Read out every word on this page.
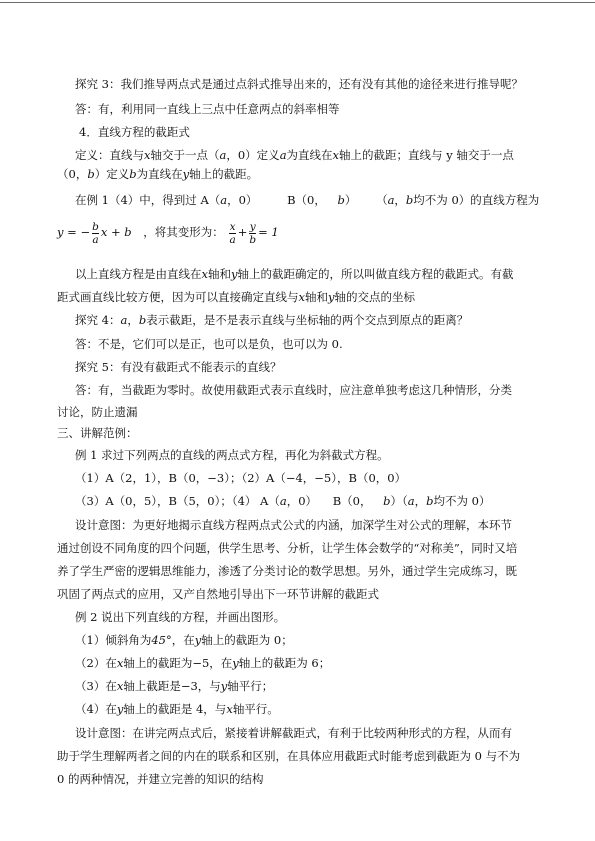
探究 3：我们推导两点式是通过点斜式推导出来的，还有没有其他的途径来进行推导呢？
答：有，利用同一直线上三点中任意两点的斜率相等
4．直线方程的截距式
定义：直线与x轴交于一点（a，0）定义a为直线在x轴上的截距；直线与 y 轴交于一点
（0，b）定义b为直线在y轴上的截距。
在例 1（4）中，得到过 A（a，0）	B（0， b） （a，b均不为 0）的直线方程为
y = − $\frac{b}{a}$ x + b ，将其变形为： $\frac{x}{a} + \frac{y}{b} = 1$
以上直线方程是由直线在x轴和y轴上的截距确定的，所以叫做直线方程的截距式。有截
距式画直线比较方便，因为可以直接确定直线与x轴和y轴的交点的坐标
探究 4：a，b表示截距，是不是表示直线与坐标轴的两个交点到原点的距离？
答：不是，它们可以是正，也可以是负，也可以为 0.
探究 5：有没有截距式不能表示的直线？
答：有，当截距为零时。故使用截距式表示直线时，应注意单独考虑这几种情形，分类
讨论，防止遗漏
三、讲解范例：
例 1 求过下列两点的直线的两点式方程，再化为斜截式方程。
（1）A（2，1），B（0，−3）；（2）A（−4，−5），B（0，0）
（3）A（0，5），B（5，0）；（4） A（a，0） B（0， b）（a，b均不为 0）
设计意图：为更好地揭示直线方程两点式公式的内涵，加深学生对公式的理解，本环节
通过创设不同角度的四个问题，供学生思考、分析，让学生体会数学的“对称美”，同时又培
养了学生严密的逻辑思维能力，渗透了分类讨论的数学思想。另外，通过学生完成练习，既
巩固了两点式的应用，又产自然地引导出下一环节讲解的截距式
例 2 说出下列直线的方程，并画出图形。
（1）倾斜角为45°，在y轴上的截距为 0；
（2）在x轴上的截距为−5，在y轴上的截距为 6；
（3）在x轴上截距是−3，与y轴平行；
（4）在y轴上的截距是 4，与x轴平行。
设计意图：在讲完两点式后，紧接着讲解截距式，有利于比较两种形式的方程，从而有
助于学生理解两者之间的内在的联系和区别，在具体应用截距式时能考虑到截距为 0 与不为
0 的两种情况，并建立完善的知识的结构
